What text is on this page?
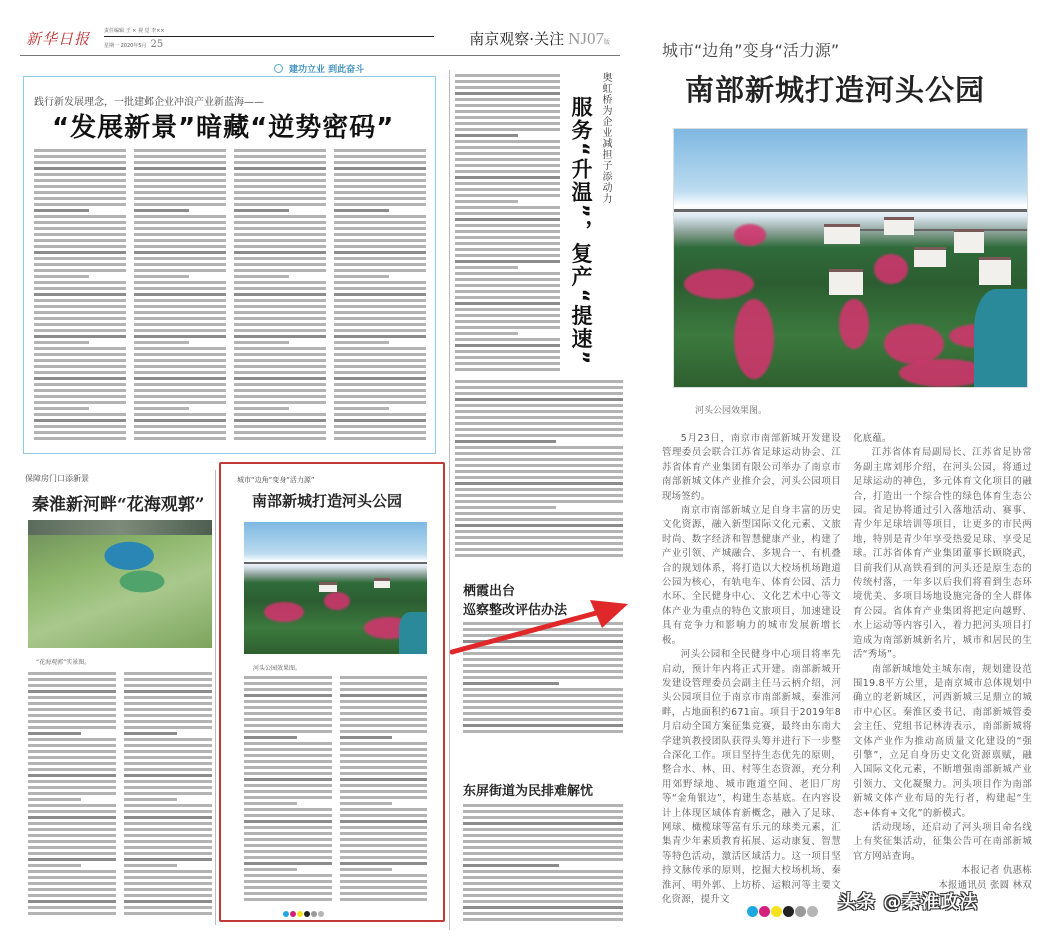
新华日报	责任编辑 王 × 视 觉 李××
星期一 2020年5月 25	南京观察·关注 NJ07版
践行新发展理念，一批建邺企业冲浪产业新蓝海——
“发展新景”暗藏“逆势密码”
建功立业 到此奋斗
奥虹桥为企业减担子添动力
服务“升温”，复产“提速”
栖霞出台
巡察整改评估办法
东屏街道为民排难解忧
保障房门口添新景
秦淮新河畔“花海观郭”
“花海观郭”实景图。
城市“边角”变身“活力源”
南部新城打造河头公园
河头公园效果图。
城市“边角”变身“活力源”
南部新城打造河头公园
河头公园效果图。

5月23日，南京市南部新城开发建设管理委员会联合江苏省足球运动协会、江苏省体育产业集团有限公司举办了南京市南部新城文体产业推介会，河头公园项目现场签约。

南京市南部新城立足自身丰富的历史文化资源，融入新型国际文化元素、文旅时尚、数字经济和智慧健康产业，构建了产业引领、产城融合、多规合一、有机叠合的规划体系，将打造以大校场机场跑道公园为核心，有轨电车、体育公园、活力水环、全民健身中心、文化艺术中心等文体产业为重点的特色文旅项目，加速建设具有竞争力和影响力的城市发展新增长极。

河头公园和全民健身中心项目将率先启动，预计年内将正式开建。南部新城开发建设管理委员会副主任马云柄介绍，河头公园项目位于南京市南部新城，秦淮河畔，占地面积约671亩。项目于2019年8月启动全国方案征集竞赛，最终由东南大学建筑教授团队获得头筹并进行下一步整合深化工作。项目坚持生态优先的原则，整合水、林、田、村等生态资源，充分利用郊野绿地、城市跑道空间、老旧厂房等“金角银边”，构建生态基底。在内容设计上体现区域体育新概念，融入了足球、网球、橄榄球等富有乐元的球类元素，汇集青少年素质教育拓展、运动康复、智慧等特色活动，激活区域活力。这一项目坚持文脉传承的原则，挖掘大校场机场、秦淮河、明外郭、上坊桥、运粮河等主要文化资源，提升文

化底蕴。

江苏省体育局副局长、江苏省足协常务副主席刘彤介绍，在河头公园，将通过足球运动的神色，多元体育文化项目的融合，打造出一个综合性的绿色体育生态公园。省足协将通过引入落地活动、赛事、青少年足球培训等项目，让更多的市民两地，特别是青少年享受热爱足球、享受足球。江苏省体育产业集团董事长顾晓武，目前我们从高铁看到的河头还是原生态的传统村落，一年多以后我们将看到生态环境优美、多项目场地设施完备的全人群体育公园。省体育产业集团将把定向越野、水上运动等内容引入，着力把河头项目打造成为南部新城新名片，城市和居民的生活“秀场”。

南部新城地处主城东南，规划建设范围19.8平方公里，是南京城市总体规划中确立的老新城区，河西新城三足鼎立的城市中心区。秦淮区委书记、南部新城管委会主任、党组书记林涛表示，南部新城将文体产业作为推动高质量文化建设的“强引擎”，立足自身历史文化资源禀赋，融入国际文化元素，不断增强南部新城产业引领力、文化凝聚力。河头项目作为南部新城文体产业布局的先行者，构建起“生态+体育+文化”的新模式。

活动现场，还启动了河头项目命名线上有奖征集活动，征集公告可在南部新城官方网站查询。

本报记者 仇惠栋

本报通讯员 张圆 林双

头条 @秦淮政法
